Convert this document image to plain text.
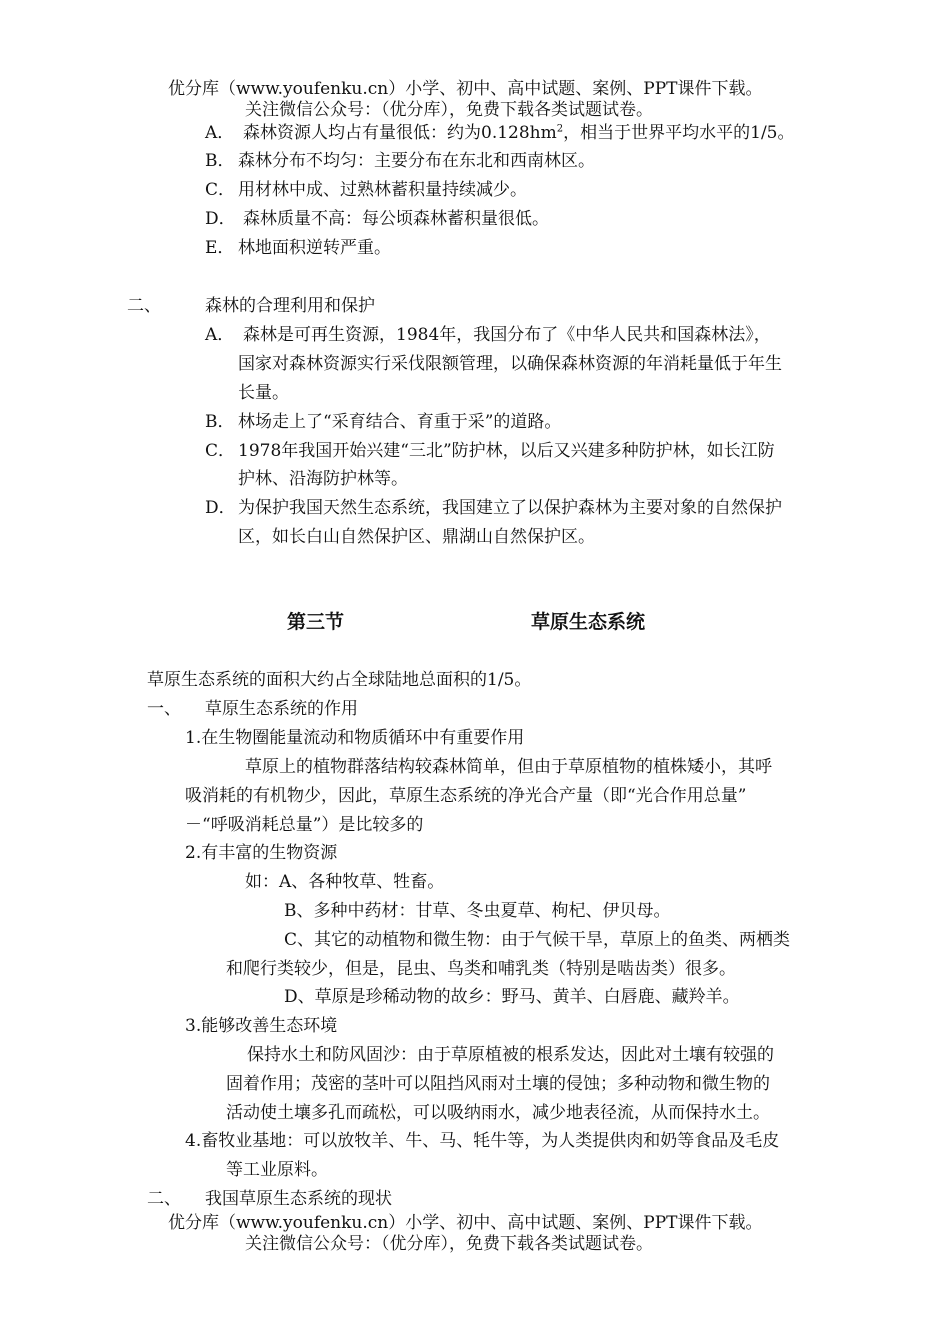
优分库（www.youfenku.cn）小学、初中、高中试题、案例、PPT课件下载。
关注微信公众号：（优分库），免费下载各类试题试卷。
A． 森林资源人均占有量很低：约为$0.128hm^2$，相当于世界平均水平的1/5。
B． 森林分布不均匀：主要分布在东北和西南林区。
C． 用材林中成、过熟林蓄积量持续减少。
D． 森林质量不高：每公顷森林蓄积量很低。
E． 林地面积逆转严重。
二、	森林的合理利用和保护
A． 森林是可再生资源，1984年，我国分布了《中华人民共和国森林法》，
国家对森林资源实行采伐限额管理，以确保森林资源的年消耗量低于年生
长量。
B． 林场走上了“采育结合、育重于采”的道路。
C． 1978年我国开始兴建“三北”防护林，以后又兴建多种防护林，如长江防
护林、沿海防护林等。
D． 为保护我国天然生态系统，我国建立了以保护森林为主要对象的自然保护
区，如长白山自然保护区、鼎湖山自然保护区。
第三节	草原生态系统
草原生态系统的面积大约占全球陆地总面积的1/5。
一、 草原生态系统的作用
1.在生物圈能量流动和物质循环中有重要作用
草原上的植物群落结构较森林简单，但由于草原植物的植株矮小，其呼
吸消耗的有机物少，因此，草原生态系统的净光合产量（即“光合作用总量”
－“呼吸消耗总量”）是比较多的
2.有丰富的生物资源
如：A、各种牧草、牲畜。
B、多种中药材：甘草、冬虫夏草、枸杞、伊贝母。
C、其它的动植物和微生物：由于气候干旱，草原上的鱼类、两栖类
和爬行类较少，但是，昆虫、鸟类和哺乳类（特别是啮齿类）很多。
D、草原是珍稀动物的故乡：野马、黄羊、白唇鹿、藏羚羊。
3.能够改善生态环境
保持水土和防风固沙：由于草原植被的根系发达，因此对土壤有较强的
固着作用；茂密的茎叶可以阻挡风雨对土壤的侵蚀；多种动物和微生物的
活动使土壤多孔而疏松，可以吸纳雨水，减少地表径流，从而保持水土。
4.畜牧业基地：可以放牧羊、牛、马、牦牛等，为人类提供肉和奶等食品及毛皮
等工业原料。
二、 我国草原生态系统的现状
优分库（www.youfenku.cn）小学、初中、高中试题、案例、PPT课件下载。
关注微信公众号：（优分库），免费下载各类试题试卷。
